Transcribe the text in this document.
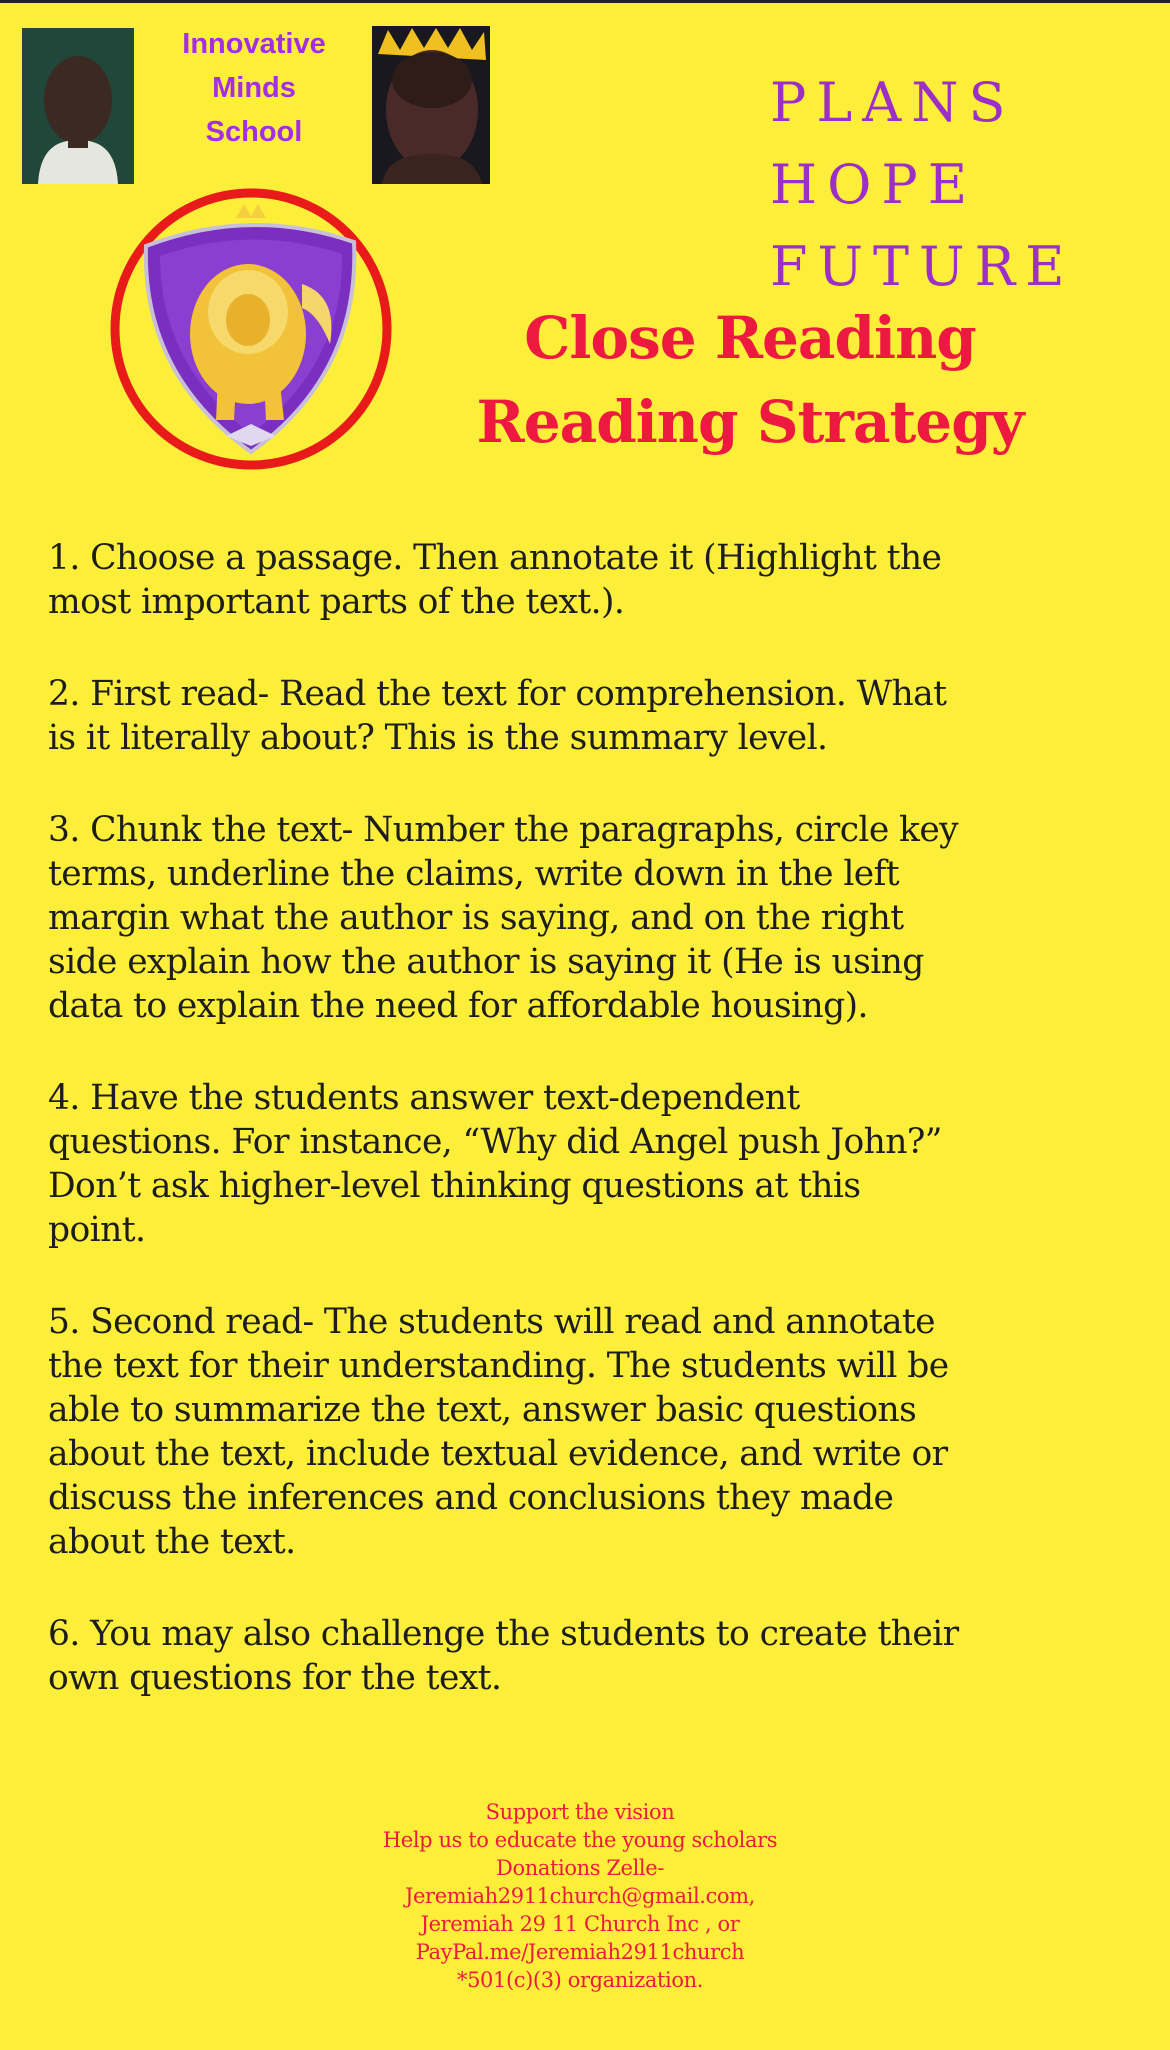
Innovative
Minds
School	PLANS
HOPE
FUTURE
Close Reading
Reading Strategy
1. Choose a passage. Then annotate it (Highlight the
most important parts of the text.).
2. First read- Read the text for comprehension. What
is it literally about? This is the summary level.
3. Chunk the text- Number the paragraphs, circle key
terms, underline the claims, write down in the left
margin what the author is saying, and on the right
side explain how the author is saying it (He is using
data to explain the need for affordable housing).
4. Have the students answer text-dependent
questions. For instance, “Why did Angel push John?”
Don’t ask higher-level thinking questions at this
point.
5. Second read- The students will read and annotate
the text for their understanding. The students will be
able to summarize the text, answer basic questions
about the text, include textual evidence, and write or
discuss the inferences and conclusions they made
about the text.
6. You may also challenge the students to create their
own questions for the text.
Support the vision
Help us to educate the young scholars
Donations Zelle-
Jeremiah2911church@gmail.com,
Jeremiah 29 11 Church Inc , or
PayPal.me/Jeremiah2911church
*501(c)(3) organization.
